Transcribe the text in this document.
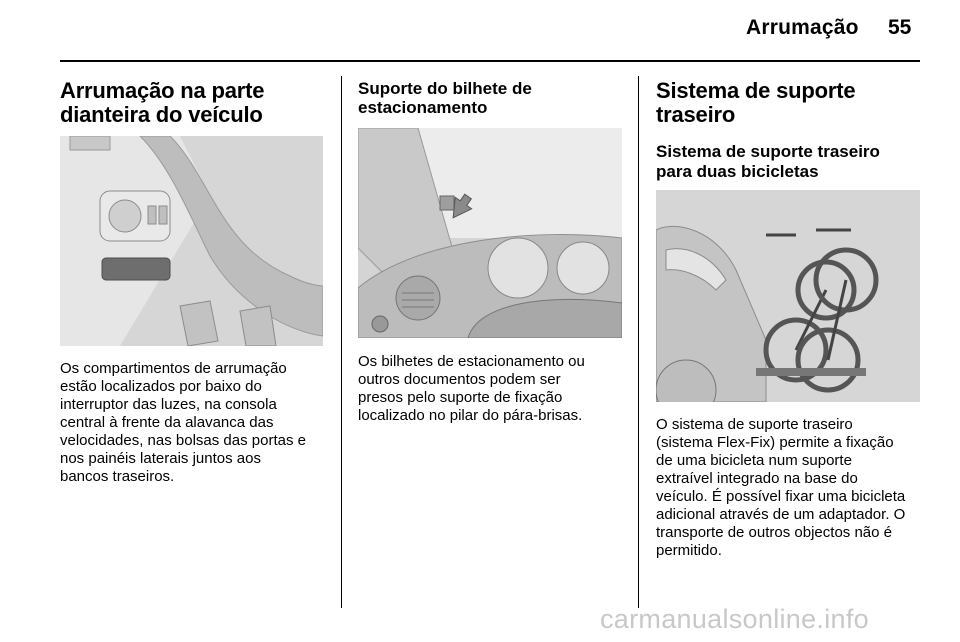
Arrumação 55
Arrumação na parte
dianteira do veículo
Os compartimentos de arrumação
estão localizados por baixo do
interruptor das luzes, na consola
central à frente da alavanca das
velocidades, nas bolsas das portas e
nos painéis laterais juntos aos
bancos traseiros.
Suporte do bilhete de
estacionamento
Os bilhetes de estacionamento ou
outros documentos podem ser
presos pelo suporte de fixação
localizado no pilar do pára-brisas.
Sistema de suporte
traseiro
Sistema de suporte traseiro
para duas bicicletas
O sistema de suporte traseiro
(sistema Flex-Fix) permite a fixação
de uma bicicleta num suporte
extraível integrado na base do
veículo. É possível fixar uma bicicleta
adicional através de um adaptador. O
transporte de outros objectos não é
permitido.
carmanualsonline.info
